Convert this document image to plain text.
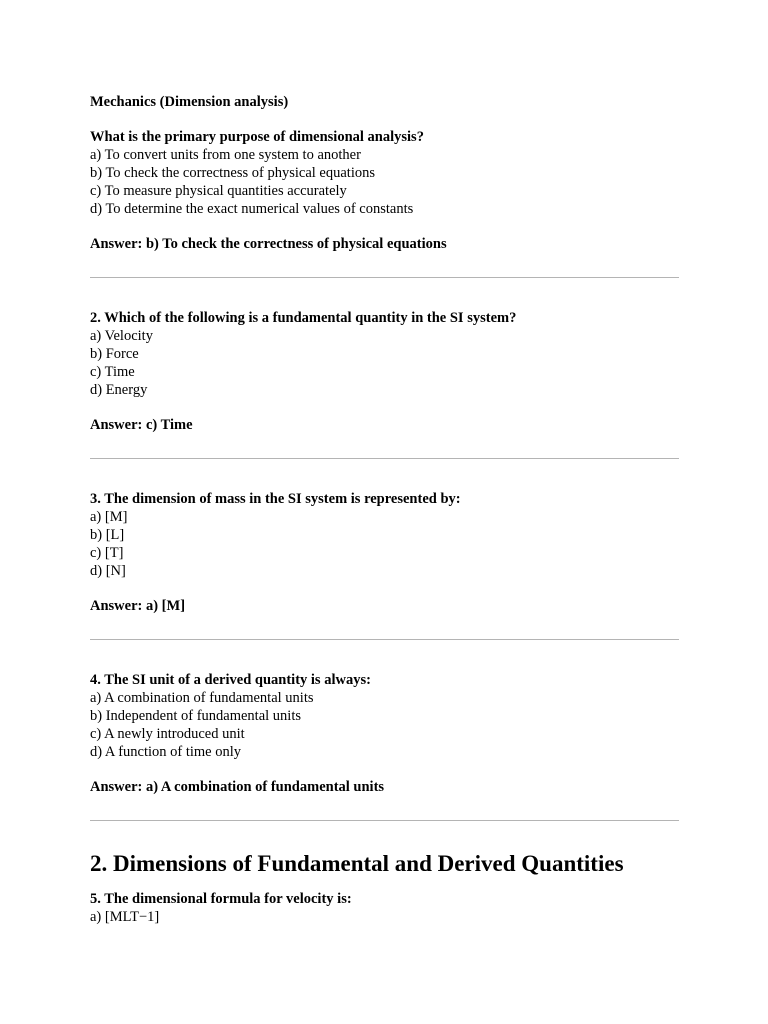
Mechanics (Dimension analysis)
What is the primary purpose of dimensional analysis?
a) To convert units from one system to another
b) To check the correctness of physical equations
c) To measure physical quantities accurately
d) To determine the exact numerical values of constants
Answer: b) To check the correctness of physical equations
2. Which of the following is a fundamental quantity in the SI system?
a) Velocity
b) Force
c) Time
d) Energy
Answer: c) Time
3. The dimension of mass in the SI system is represented by:
a) [M]
b) [L]
c) [T]
d) [N]
Answer: a) [M]
4. The SI unit of a derived quantity is always:
a) A combination of fundamental units
b) Independent of fundamental units
c) A newly introduced unit
d) A function of time only
Answer: a) A combination of fundamental units
2. Dimensions of Fundamental and Derived Quantities
5. The dimensional formula for velocity is:
a) [MLT−1]
